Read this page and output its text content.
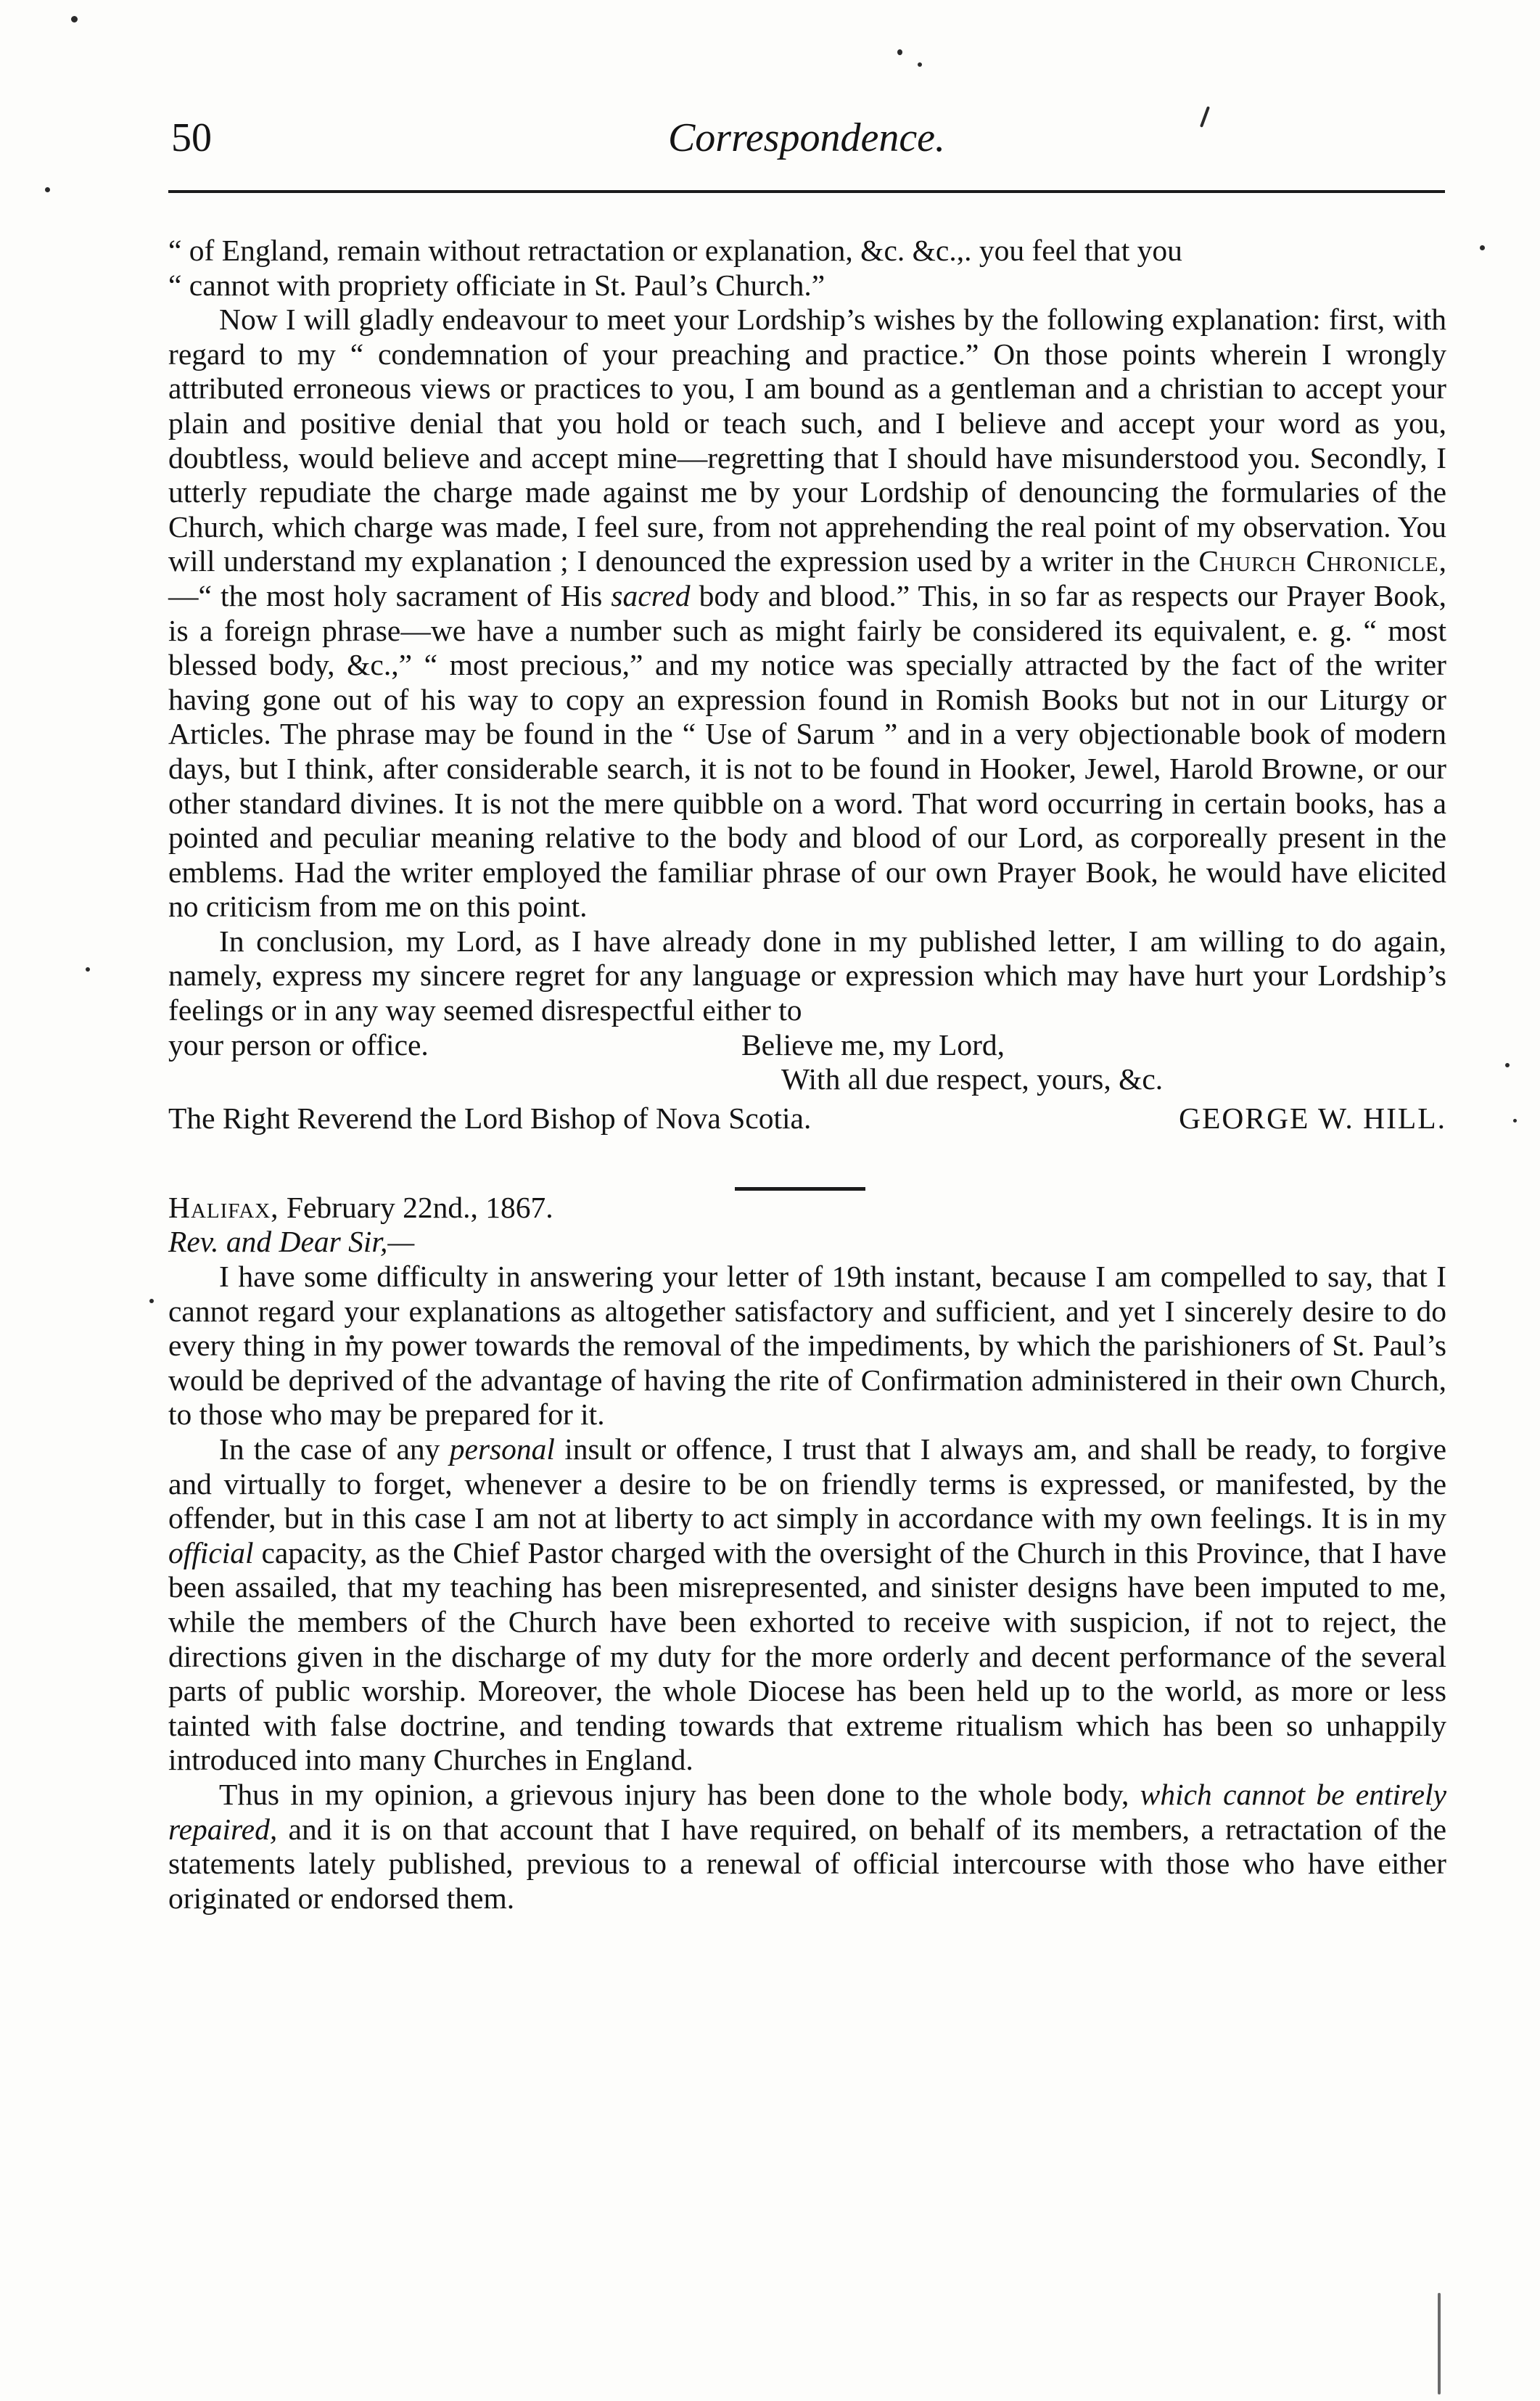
50	Correspondence.

“ of England, remain without retractation or explanation, &c. &c.,. you feel that you

“ cannot with propriety officiate in St. Paul’s Church.”

Now I will gladly endeavour to meet your Lordship’s wishes by the following explanation: first, with regard to my “ condemnation of your preaching and practice.” On those points wherein I wrongly attributed erroneous views or practices to you, I am bound as a gentleman and a christian to accept your plain and positive denial that you hold or teach such, and I believe and accept your word as you, doubtless, would believe and accept mine—regretting that I should have misunderstood you. Secondly, I utterly repudiate the charge made against me by your Lordship of denouncing the formularies of the Church, which charge was made, I feel sure, from not apprehending the real point of my observation. You will understand my explanation ; I denounced the expression used by a writer in the Church Chronicle,—“ the most holy sacrament of His sacred body and blood.” This, in so far as respects our Prayer Book, is a foreign phrase—we have a number such as might fairly be considered its equivalent, e. g. “ most blessed body, &c.,” “ most precious,” and my notice was specially attracted by the fact of the writer having gone out of his way to copy an expression found in Romish Books but not in our Liturgy or Articles. The phrase may be found in the “ Use of Sarum ” and in a very objectionable book of modern days, but I think, after considerable search, it is not to be found in Hooker, Jewel, Harold Browne, or our other standard divines. It is not the mere quibble on a word. That word occurring in certain books, has a pointed and peculiar meaning relative to the body and blood of our Lord, as corporeally present in the emblems. Had the writer employed the familiar phrase of our own Prayer Book, he would have elicited no criticism from me on this point.

In conclusion, my Lord, as I have already done in my published letter, I am willing to do again, namely, express my sincere regret for any language or expression which may have hurt your Lordship’s feelings or in any way seemed disrespectful either to

your person or office.	Believe me, my Lord,
With all due respect, yours, &c.
The Right Reverend the Lord Bishop of Nova Scotia.	GEORGE W. HILL.

Halifax, February 22nd., 1867.

Rev. and Dear Sir,—

I have some difficulty in answering your letter of 19th instant, because I am compelled to say, that I cannot regard your explanations as altogether satisfactory and sufficient, and yet I sincerely desire to do every thing in my power towards the removal of the impediments, by which the parishioners of St. Paul’s would be deprived of the advantage of having the rite of Confirmation administered in their own Church, to those who may be prepared for it.

In the case of any personal insult or offence, I trust that I always am, and shall be ready, to forgive and virtually to forget, whenever a desire to be on friendly terms is expressed, or manifested, by the offender, but in this case I am not at liberty to act simply in accordance with my own feelings. It is in my official capacity, as the Chief Pastor charged with the oversight of the Church in this Province, that I have been assailed, that my teaching has been misrepresented, and sinister designs have been imputed to me, while the members of the Church have been exhorted to receive with suspicion, if not to reject, the directions given in the discharge of my duty for the more orderly and decent performance of the several parts of public worship. Moreover, the whole Diocese has been held up to the world, as more or less tainted with false doctrine, and tending towards that extreme ritualism which has been so unhappily introduced into many Churches in England.

Thus in my opinion, a grievous injury has been done to the whole body, which cannot be entirely repaired, and it is on that account that I have required, on behalf of its members, a retractation of the statements lately published, previous to a renewal of official intercourse with those who have either originated or endorsed them.
